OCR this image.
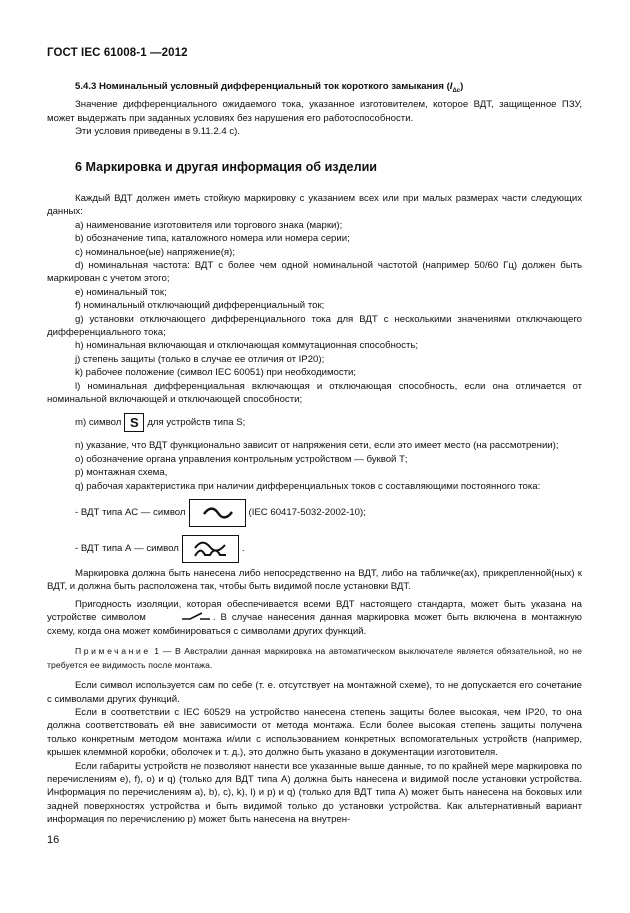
ГОСТ IEC 61008-1 —2012

5.4.3 Номинальный условный дифференциальный ток короткого замыкания $(I_{\Delta c})$

Значение дифференциального ожидаемого тока, указанное изготовителем, которое ВДТ, защищенное ПЗУ, может выдержать при заданных условиях без нарушения его работоспособности.

Эти условия приведены в 9.11.2.4 с).

6 Маркировка и другая информация об изделии

Каждый ВДТ должен иметь стойкую маркировку с указанием всех или при малых размерах части следующих данных:

a) наименование изготовителя или торгового знака (марки);

b) обозначение типа, каталожного номера или номера серии;

c) номинальное(ые) напряжение(я);

d) номинальная частота: ВДТ с более чем одной номинальной частотой (например 50/60 Гц) должен быть маркирован с учетом этого;

e) номинальный ток;

f) номинальный отключающий дифференциальный ток;

g) установки отключающего дифференциального тока для ВДТ с несколькими значениями отключающего дифференциального тока;

h) номинальная включающая и отключающая коммутационная способность;

j) степень защиты (только в случае ее отличия от IP20);

k) рабочее положение (символ IEC 60051) при необходимости;

l) номинальная дифференциальная включающая и отключающая способность, если она отличается от номинальной включающей и отключающей способности;

m) символ S для устройств типа S;

n) указание, что ВДТ функционально зависит от напряжения сети, если это имеет место (на рассмотрении);

o) обозначение органа управления контрольным устройством — буквой Т;

p) монтажная схема,

q) рабочая характеристика при наличии дифференциальных токов с составляющими постоянного тока:

- ВДТ типа АС — символ	(IEC 60417-5032-2002-10);

- ВДТ типа А — символ	.

Маркировка должна быть нанесена либо непосредственно на ВДТ, либо на табличке(ах), прикрепленной(ных) к ВДТ, и должна быть расположена так, чтобы быть видимой после установки ВДТ.

Пригодность изоляции, которая обеспечивается всеми ВДТ настоящего стандарта, может быть указана на устройстве символом	. В случае нанесения данная маркировка может быть включена в монтажную схему, когда она может комбинироваться с символами других функций.

Примечание 1 — В Австралии данная маркировка на автоматическом выключателе является обязательной, но не требуется ее видимость после монтажа.

Если символ используется сам по себе (т. е. отсутствует на монтажной схеме), то не допускается его сочетание с символами других функций.

Если в соответствии с IEC 60529 на устройство нанесена степень защиты более высокая, чем IP20, то она должна соответствовать ей вне зависимости от метода монтажа. Если более высокая степень защиты получена только конкретным методом монтажа и/или с использованием конкретных вспомогательных устройств (например, крышек клеммной коробки, оболочек и т. д.), это должно быть указано в документации изготовителя.

Если габариты устройств не позволяют нанести все указанные выше данные, то по крайней мере маркировка по перечислениям е), f), о) и q) (только для ВДТ типа А) должна быть нанесена и видимой после установки устройства. Информация по перечислениям а), b), с), k), l) и р) и q) (только для ВДТ типа А) может быть нанесена на боковых или задней поверхностях устройства и быть видимой только до установки устройства. Как альтернативный вариант информация по перечислению р) может быть нанесена на внутрен-

16
